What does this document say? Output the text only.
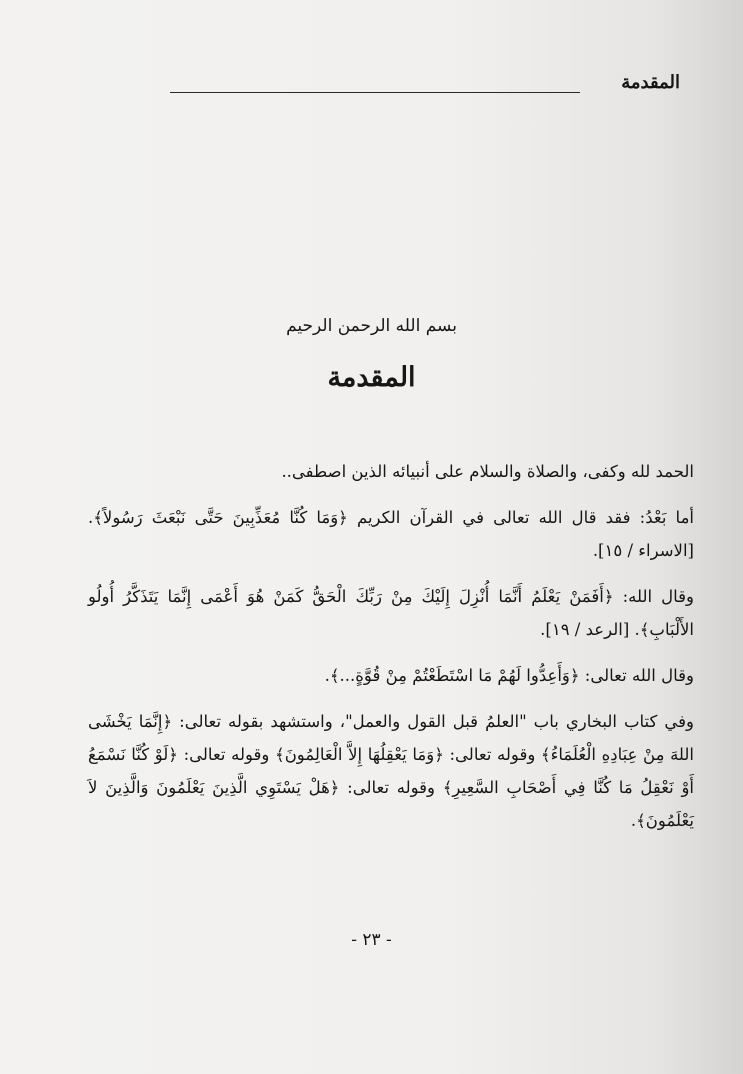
المقدمة
بسم الله الرحمن الرحيم
المقدمة

الحمد لله وكفى، والصلاة والسلام على أنبيائه الذين اصطفى..

أما بَعْدُ: فقد قال الله تعالى في القرآن الكريم ﴿وَمَا كُنَّا مُعَذِّبِينَ حَتَّى نَبْعَثَ رَسُولاً﴾. [الاسراء / ١٥].

وقال الله: ﴿أَفَمَنْ يَعْلَمُ أَنَّمَا أُنْزِلَ إِلَيْكَ مِنْ رَبِّكَ الْحَقُّ كَمَنْ هُوَ أَعْمَى إِنَّمَا يَتَذَكَّرُ أُولُو الأَلْبَابِ﴾. [الرعد / ١٩].

وقال الله تعالى: ﴿وَأَعِدُّوا لَهُمْ مَا اسْتَطَعْتُمْ مِنْ قُوَّةٍ...﴾.

وفي كتاب البخاري باب "العلمُ قبل القول والعمل"، واستشهد بقوله تعالى: ﴿إِنَّمَا يَخْشَى اللهَ مِنْ عِبَادِهِ الْعُلَمَاءُ﴾ وقوله تعالى: ﴿وَمَا يَعْقِلُهَا إِلاَّ الْعَالِمُونَ﴾ وقوله تعالى: ﴿لَوْ كُنَّا نَسْمَعُ أَوْ نَعْقِلُ مَا كُنَّا فِي أَصْحَابِ السَّعِيرِ﴾ وقوله تعالى: ﴿هَلْ يَسْتَوِي الَّذِينَ يَعْلَمُونَ وَالَّذِينَ لاَ يَعْلَمُونَ﴾.

- ٢٣ -
